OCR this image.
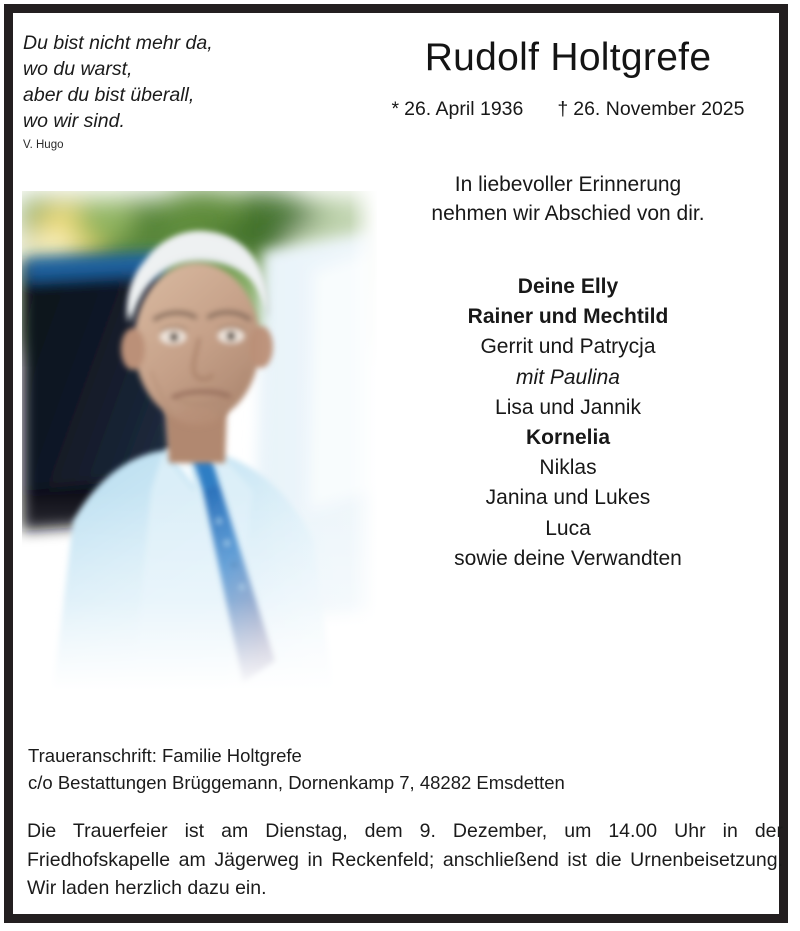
Du bist nicht mehr da,
wo du warst,
aber du bist überall,
wo wir sind.
V. Hugo
Rudolf Holtgrefe
* 26. April 1936 † 26. November 2025
In liebevoller Erinnerung
nehmen wir Abschied von dir.
Deine Elly
Rainer und Mechtild
Gerrit und Patrycja
mit Paulina
Lisa und Jannik
Kornelia
Niklas
Janina und Lukes
Luca
sowie deine Verwandten
Traueranschrift: Familie Holtgrefe
c/o Bestattungen Brüggemann, Dornenkamp 7, 48282 Emsdetten
Die Trauerfeier ist am Dienstag, dem 9. Dezember, um 14.00 Uhr in der Friedhofskapelle am Jägerweg in Reckenfeld; anschließend ist die Urnenbeisetzung. Wir laden herzlich dazu ein.
